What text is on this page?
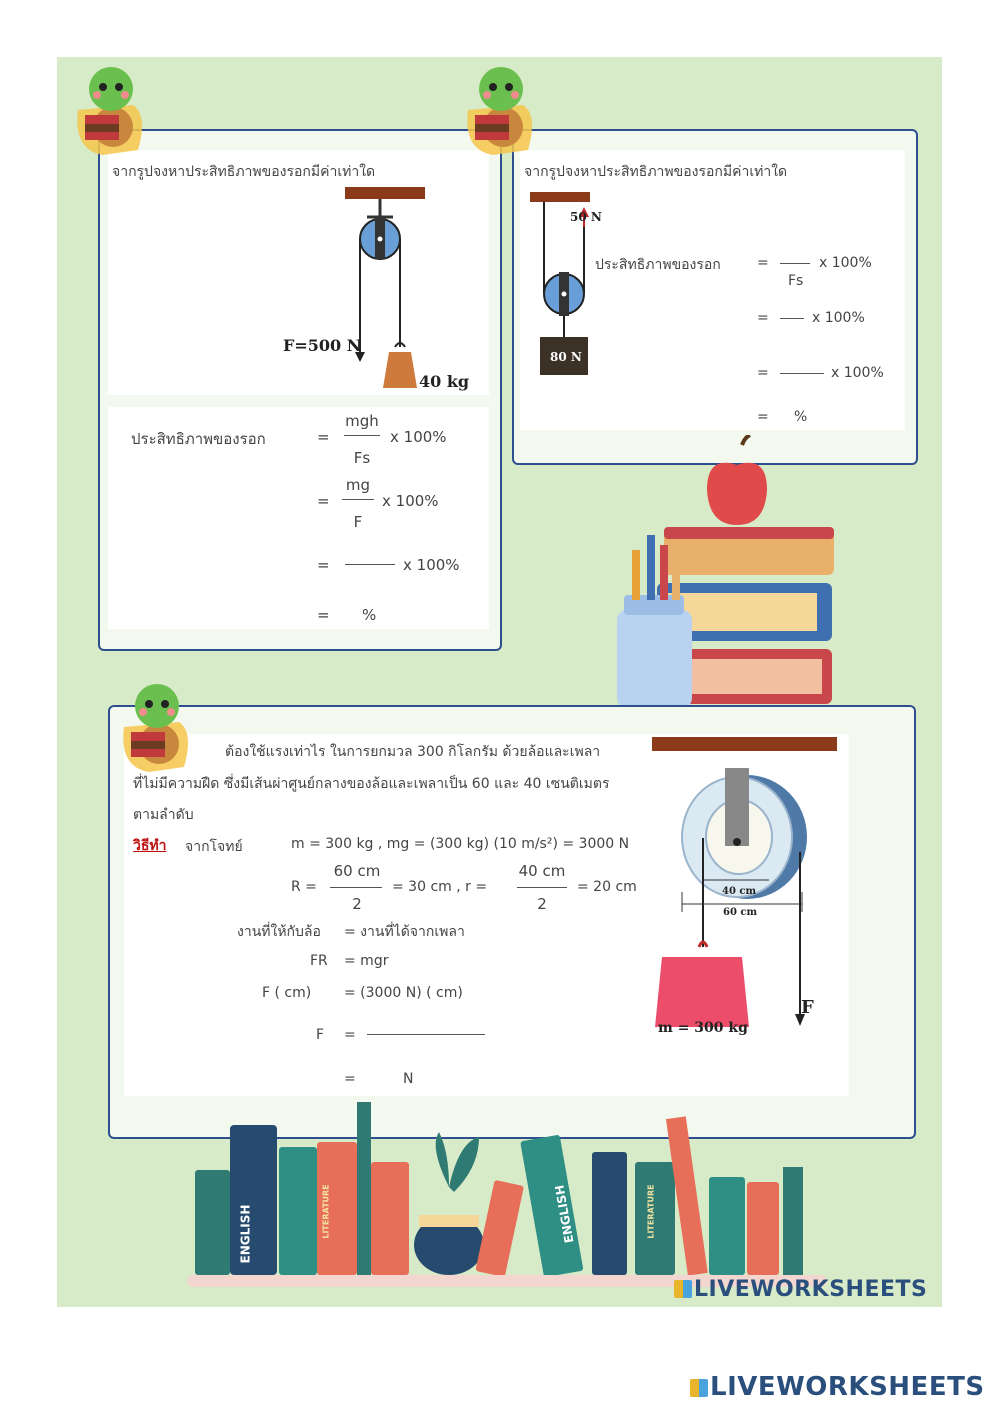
จากรูปจงหาประสิทธิภาพของรอกมีค่าเท่าใด
F=500 N
40 kg
ประสิทธิภาพของรอก	=
mgh
Fs
x 100%
=
mg
F
x 100%
=	x 100%
= %
จากรูปจงหาประสิทธิภาพของรอกมีค่าเท่าใด
50 N
80 N
ประสิทธิภาพของรอก	=
Fs
x 100%
=	x 100%
=	x 100%
= %
ต้องใช้แรงเท่าไร ในการยกมวล 300 กิโลกรัม ด้วยล้อและเพลา
ที่ไม่มีความฝืด ซึ่งมีเส้นผ่าศูนย์กลางของล้อและเพลาเป็น 60 และ 40 เซนติเมตร
ตามลำดับ
วิธีทำ จากโจทย์	m = 300 kg , mg = (300 kg) (10 m/s²) = 3000 N
R =
60 cm
2
= 30 cm , r =
40 cm
2
= 20 cm
งานที่ให้กับล้อ = งานที่ได้จากเพลา
FR = mgr
F ( cm) = (3000 N) ( cm)
F =
=	N
40 cm
60 cm
m = 300 kg
F
ENGLISH	LITERATURE	ENGLISH	LITERATURE
LIVEWORKSHEETS
LIVEWORKSHEETS
